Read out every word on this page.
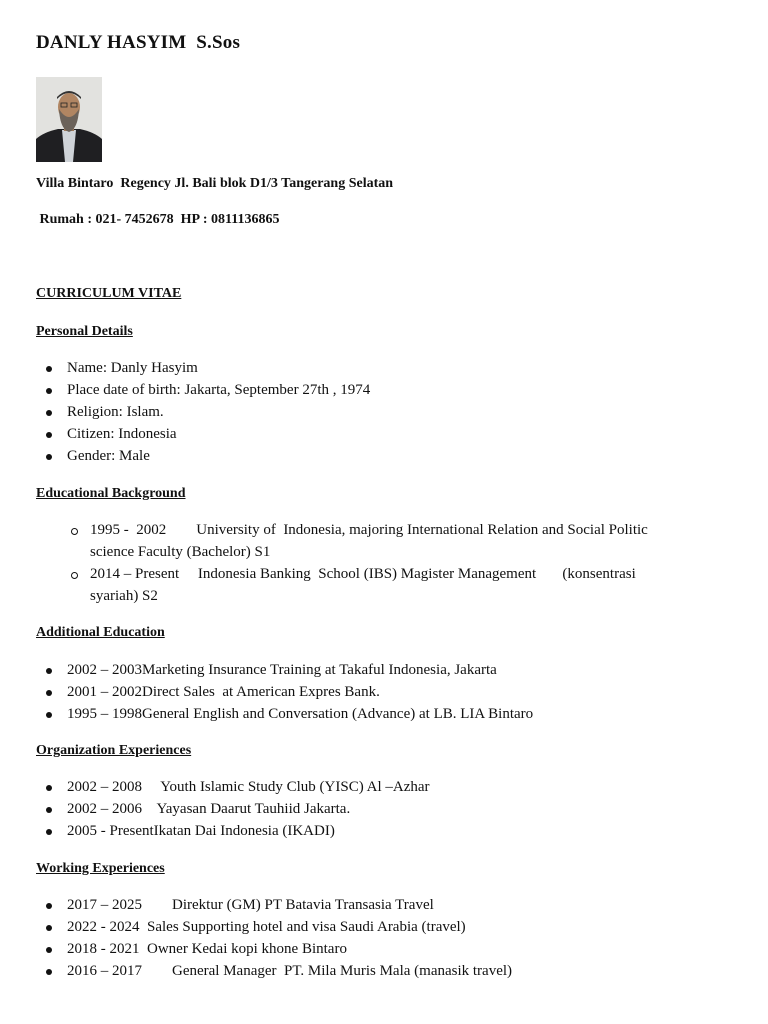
DANLY HASYIM  S.Sos
Villa Bintaro  Regency Jl. Bali blok D1/3 Tangerang Selatan
Rumah : 021- 7452678  HP : 0811136865
CURRICULUM VITAE
Personal Details
Name: Danly Hasyim
Place date of birth: Jakarta, September 27th , 1974
Religion: Islam.
Citizen: Indonesia
Gender: Male
Educational Background
1995 -  2002        University of  Indonesia, majoring International Relation and Social Politic
science Faculty (Bachelor) S1
2014 – Present     Indonesia Banking  School (IBS) Magister Management       (konsentrasi
syariah) S2
Additional Education
2002 – 2003Marketing Insurance Training at Takaful Indonesia, Jakarta
2001 – 2002Direct Sales  at American Expres Bank.
1995 – 1998General English and Conversation (Advance) at LB. LIA Bintaro
Organization Experiences
2002 – 2008     Youth Islamic Study Club (YISC) Al –Azhar
2002 – 2006    Yayasan Daarut Tauhiid Jakarta.
2005 - PresentIkatan Dai Indonesia (IKADI)
Working Experiences
2017 – 2025        Direktur (GM) PT Batavia Transasia Travel
2022 - 2024  Sales Supporting hotel and visa Saudi Arabia (travel)
2018 - 2021  Owner Kedai kopi khone Bintaro
2016 – 2017        General Manager  PT. Mila Muris Mala (manasik travel)
